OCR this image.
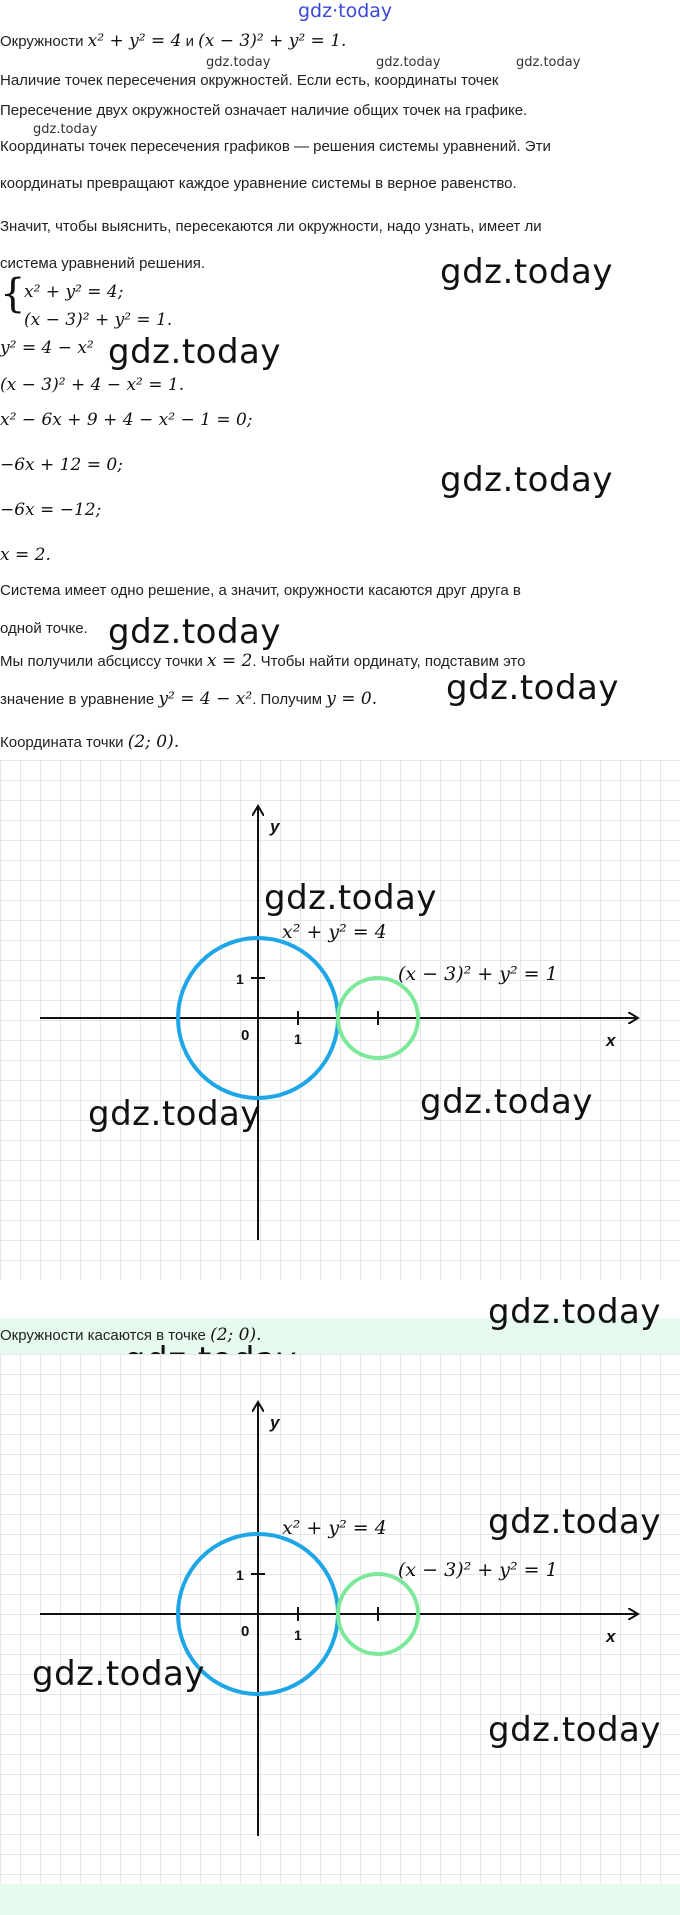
gdz·today
Окружности x² + y² = 4 и (x − 3)² + y² = 1.
gdz.today	gdz.today	gdz.today
Наличие точек пересечения окружностей. Если есть, координаты точек
Пересечение двух окружностей означает наличие общих точек на графике.
gdz.today
Координаты точек пересечения графиков — решения системы уравнений. Эти
координаты превращают каждое уравнение системы в верное равенство.
Значит, чтобы выяснить, пересекаются ли окружности, надо узнать, имеет ли
система уравнений решения.	gdz.today
{
x² + y² = 4;
(x − 3)² + y² = 1.
y² = 4 − x² gdz.today
(x − 3)² + 4 − x² = 1.
x² − 6x + 9 + 4 − x² − 1 = 0;
−6x + 12 = 0;	gdz.today
−6x = −12;
x = 2.
Система имеет одно решение, а значит, окружности касаются друг друга в
одной точке. gdz.today
Мы получили абсциссу точки x = 2. Чтобы найти ординату, подставим это
значение в уравнение y² = 4 − x². Получим y = 0. gdz.today
Координата точки (2; 0).
y
x
0	1
1
x² + y² = 4
(x − 3)² + y² = 1
gdz.today
gdz.today
gdz.today
Окружности касаются в точке (2; 0).
gdz.today
y
x
0	1
1
x² + y² = 4
(x − 3)² + y² = 1
gdz.today
gdz.today
gdz.today
